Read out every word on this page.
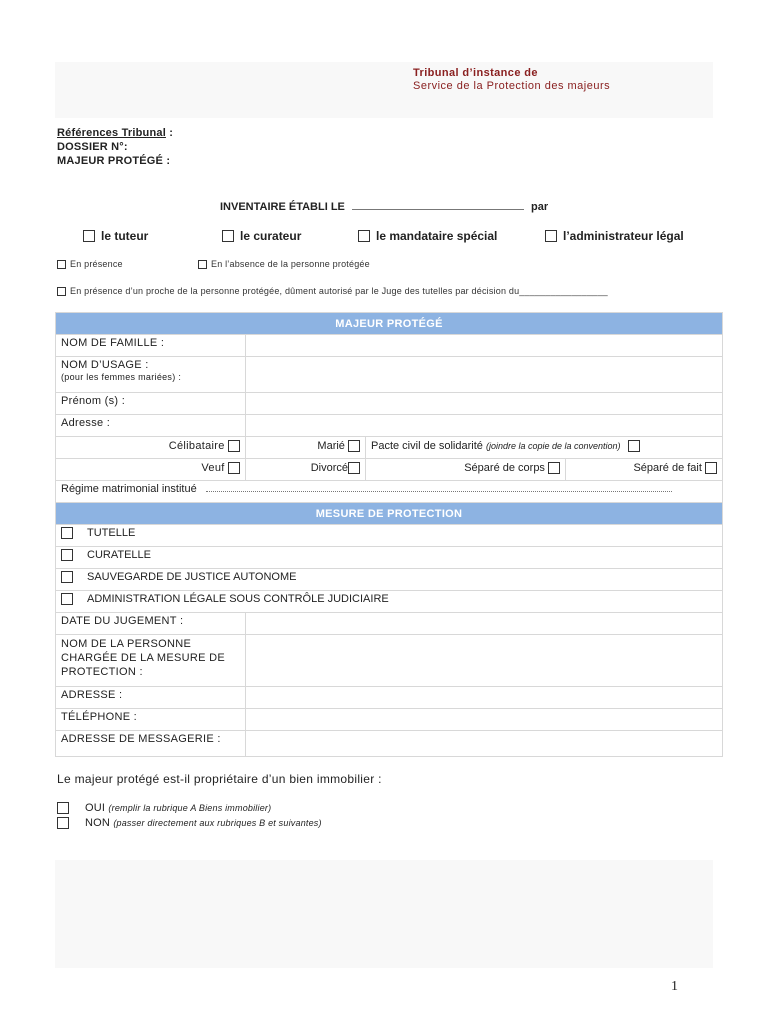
Tribunal d’instance de
Service de la Protection des majeurs
Références Tribunal :
DOSSIER N°:
MAJEUR PROTÉGÉ :
INVENTAIRE ÉTABLI LE	par
le tuteur	le curateur	le mandataire spécial	l’administrateur légal
En présence	En l’absence de la personne protégée
En présence d’un proche de la personne protégée, dûment autorisé par le Juge des tutelles par décision du_________________
MAJEUR PROTÉGÉ			
NOM DE FAMILLE :			
NOM D’USAGE :
(pour les femmes mariées) :			

Prénom (s) :			
Adresse :			
Célibataire	Marié	Pacte civil de solidarité (joindre la copie de la convention)	
Veuf	Divorcé	Séparé de corps	Séparé de fait
Régime matrimonial institué			
MESURE DE PROTECTION	

TUTELLE	

CURATELLE	

SAUVEGARDE DE JUSTICE AUTONOME	

ADMINISTRATION LÉGALE SOUS CONTRÔLE JUDICIAIRE	

DATE DU JUGEMENT :	
NOM DE LA PERSONNE CHARGÉE DE LA MESURE DE PROTECTION :	
ADRESSE :	
TÉLÉPHONE :	
ADRESSE DE MESSAGERIE :	
Le majeur protégé est-il propriétaire d’un bien immobilier :
OUI (remplir la rubrique A Biens immobilier)
NON (passer directement aux rubriques B et suivantes)
1
